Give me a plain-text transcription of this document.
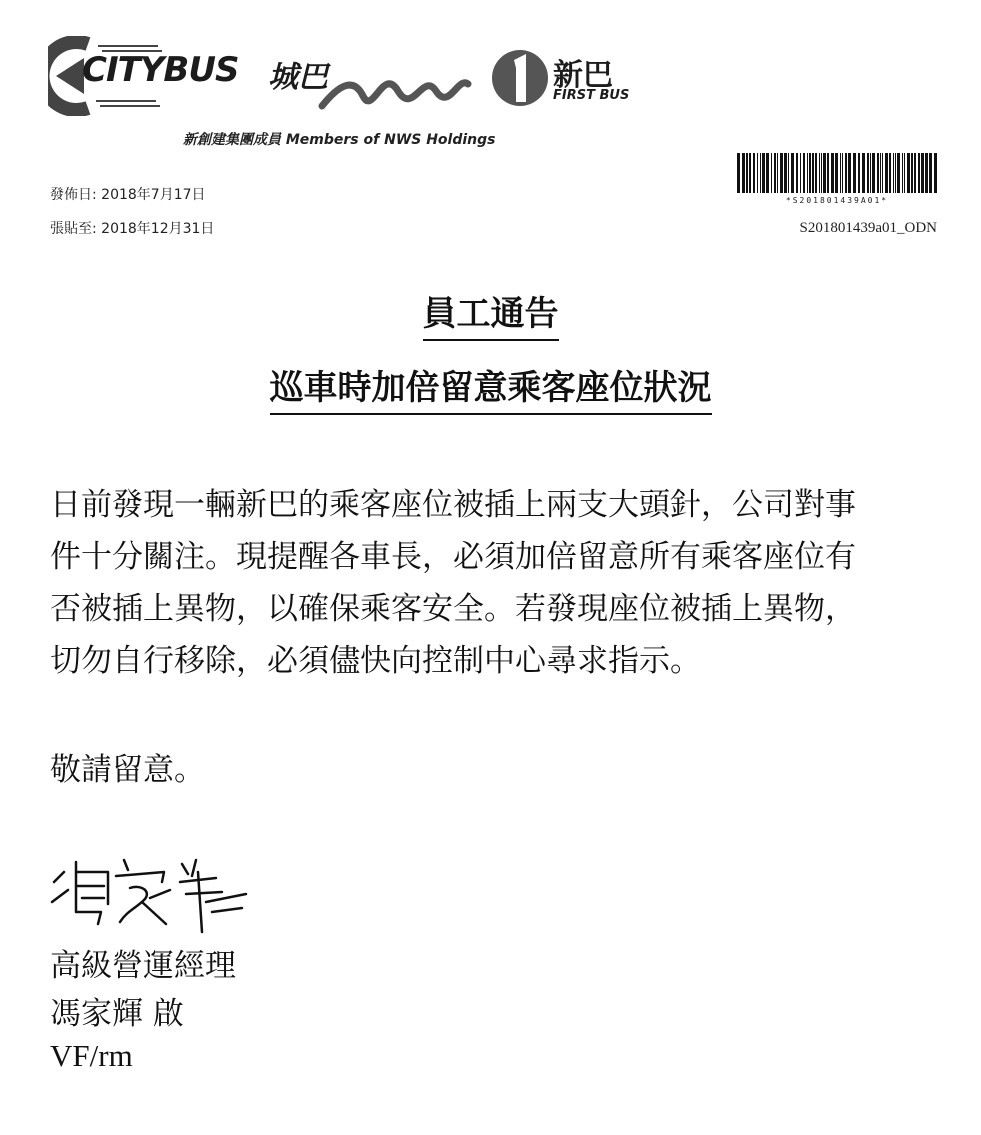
CITYBUS 城巴	新巴
FIRST BUS
新創建集團成員 Members of NWS Holdings
發佈日: 2018年7月17日
張貼至: 2018年12月31日
*S201801439A01*
S201801439a01_ODN
員工通告
巡車時加倍留意乘客座位狀況
日前發現一輛新巴的乘客座位被插上兩支大頭針，公司對事
件十分關注。現提醒各車長，必須加倍留意所有乘客座位有
否被插上異物，以確保乘客安全。若發現座位被插上異物，
切勿自行移除，必須儘快向控制中心尋求指示。
敬請留意。
高級營運經理
馮家輝 啟
VF/rm
